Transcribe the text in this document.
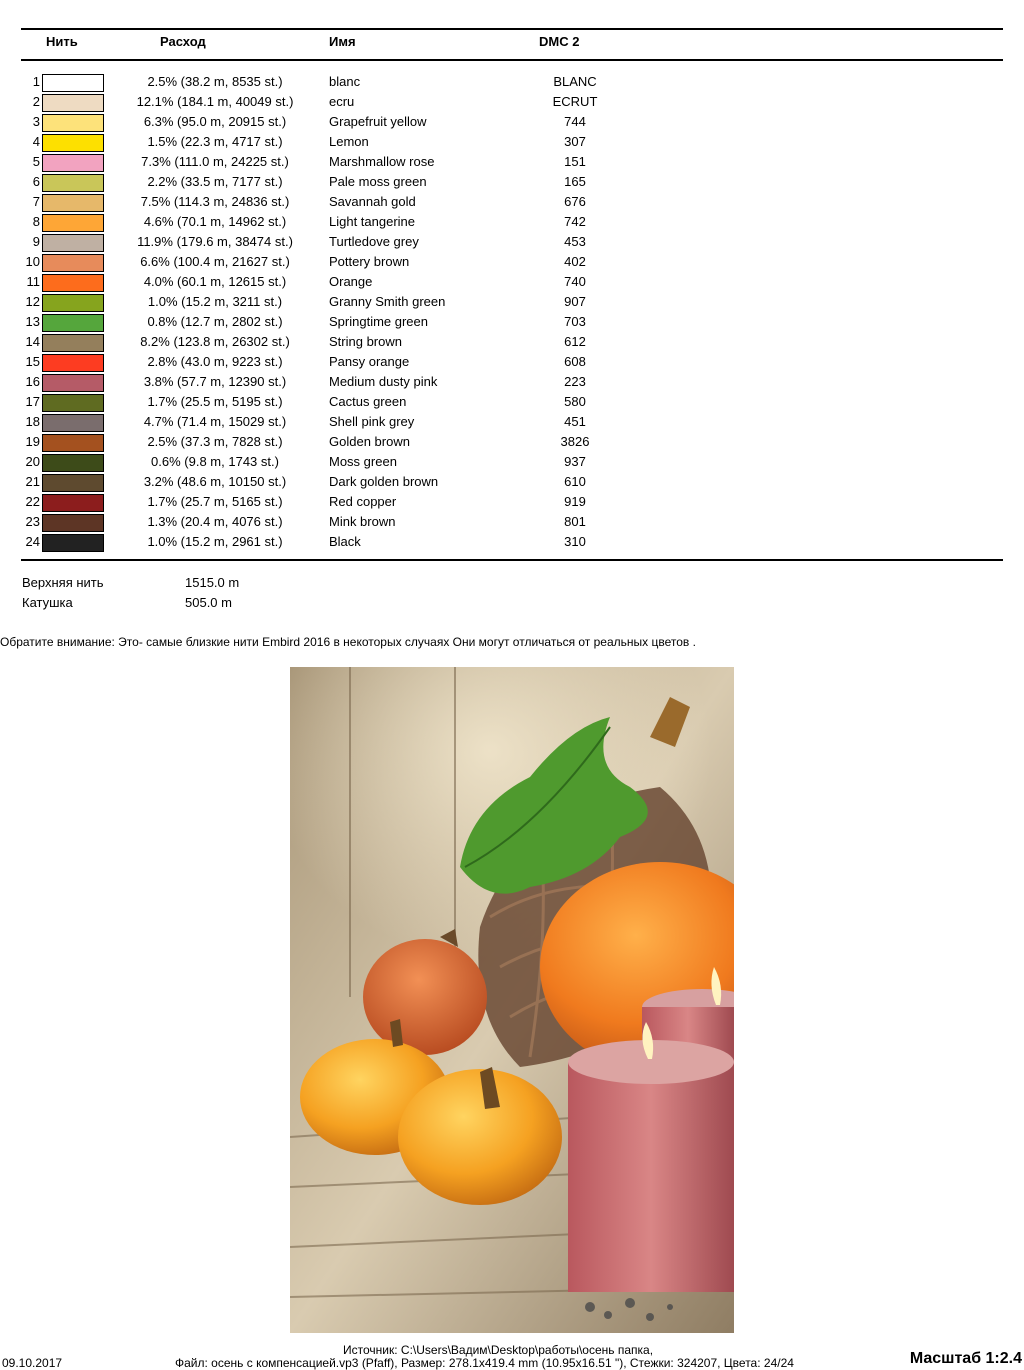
Нить	Расход	Имя	DMC 2
1	2.5% (38.2 m, 8535 st.)	blanc	BLANC
2	12.1% (184.1 m, 40049 st.)	ecru	ECRUT
3	6.3% (95.0 m, 20915 st.)	Grapefruit yellow	744
4	1.5% (22.3 m, 4717 st.)	Lemon	307
5	7.3% (111.0 m, 24225 st.)	Marshmallow rose	151
6	2.2% (33.5 m, 7177 st.)	Pale moss green	165
7	7.5% (114.3 m, 24836 st.)	Savannah gold	676
8	4.6% (70.1 m, 14962 st.)	Light tangerine	742
9	11.9% (179.6 m, 38474 st.)	Turtledove grey	453
10	6.6% (100.4 m, 21627 st.)	Pottery brown	402
11	4.0% (60.1 m, 12615 st.)	Orange	740
12	1.0% (15.2 m, 3211 st.)	Granny Smith green	907
13	0.8% (12.7 m, 2802 st.)	Springtime green	703
14	8.2% (123.8 m, 26302 st.)	String brown	612
15	2.8% (43.0 m, 9223 st.)	Pansy orange	608
16	3.8% (57.7 m, 12390 st.)	Medium dusty pink	223
17	1.7% (25.5 m, 5195 st.)	Cactus green	580
18	4.7% (71.4 m, 15029 st.)	Shell pink grey	451
19	2.5% (37.3 m, 7828 st.)	Golden brown	3826
20	0.6% (9.8 m, 1743 st.)	Moss green	937
21	3.2% (48.6 m, 10150 st.)	Dark golden brown	610
22	1.7% (25.7 m, 5165 st.)	Red copper	919
23	1.3% (20.4 m, 4076 st.)	Mink brown	801
24	1.0% (15.2 m, 2961 st.)	Black	310
Верхняя нить	1515.0 m
Катушка	505.0 m
Обратите внимание: Это- самые близкие нити Embird 2016 в некоторых случаях Они могут отличаться от реальных цветов .
Источник: C:\Users\Вадим\Desktop\работы\осень папка,
Файл: осень с компенсацией.vp3 (Pfaff), Размер: 278.1x419.4 mm (10.95x16.51 "), Стежки: 324207, Цвета: 24/24
09.10.2017	Масштаб 1:2.4
